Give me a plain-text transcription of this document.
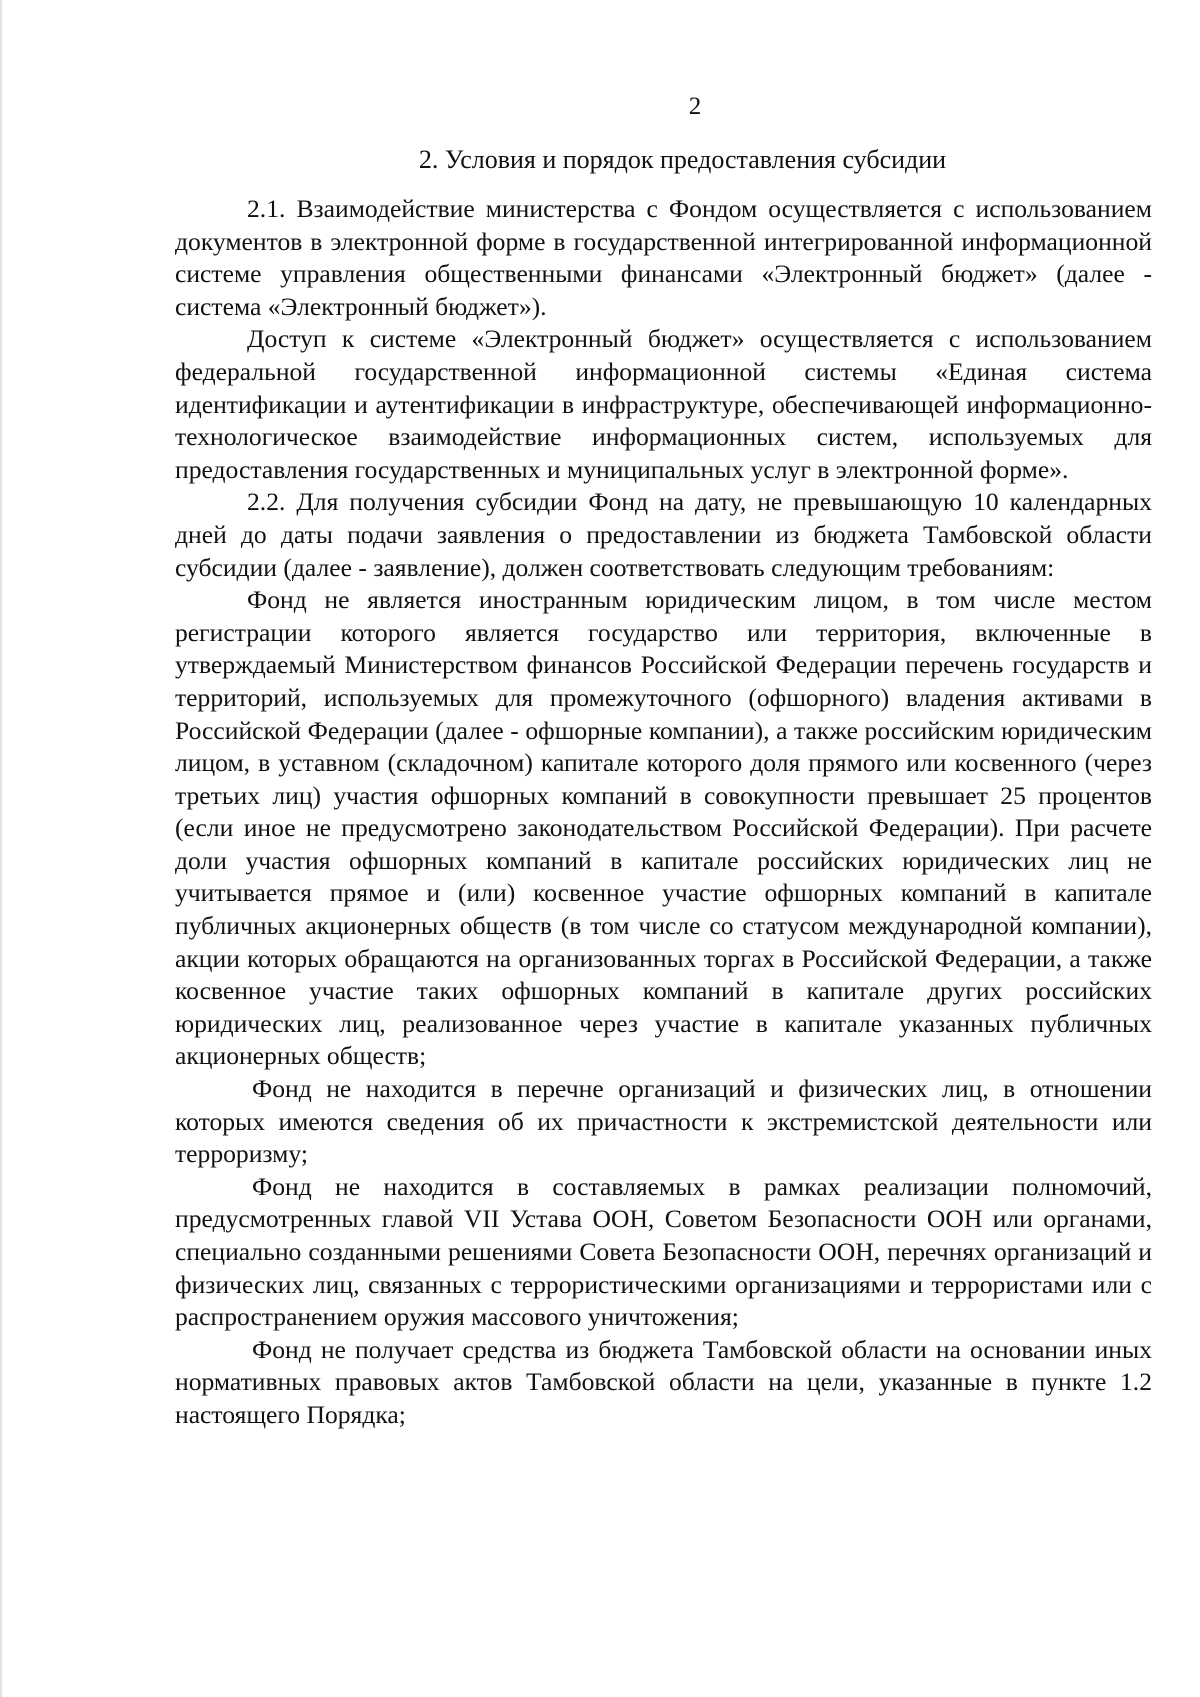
2
2. Условия и порядок предоставления субсидии

2.1. Взаимодействие министерства с Фондом осуществляется с использованием документов в электронной форме в государственной интегрированной информационной системе управления общественными финансами «Электронный бюджет» (далее - система «Электронный бюджет»).

Доступ к системе «Электронный бюджет» осуществляется с использованием федеральной государственной информационной системы «Единая система идентификации и аутентификации в инфраструктуре, обеспечивающей информационно-технологическое взаимодействие информационных систем, используемых для предоставления государственных и муниципальных услуг в электронной форме».

2.2. Для получения субсидии Фонд на дату, не превышающую 10 календарных дней до даты подачи заявления о предоставлении из бюджета Тамбовской области субсидии (далее - заявление), должен соответствовать следующим требованиям:

Фонд не является иностранным юридическим лицом, в том числе местом регистрации которого является государство или территория, включенные в утверждаемый Министерством финансов Российской Федерации перечень государств и территорий, используемых для промежуточного (офшорного) владения активами в Российской Федерации (далее - офшорные компании), а также российским юридическим лицом, в уставном (складочном) капитале которого доля прямого или косвенного (через третьих лиц) участия офшорных компаний в совокупности превышает 25 процентов (если иное не предусмотрено законодательством Российской Федерации). При расчете доли участия офшорных компаний в капитале российских юридических лиц не учитывается прямое и (или) косвенное участие офшорных компаний в капитале публичных акционерных обществ (в том числе со статусом международной компании), акции которых обращаются на организованных торгах в Российской Федерации, а также косвенное участие таких офшорных компаний в капитале других российских юридических лиц, реализованное через участие в капитале указанных публичных акционерных обществ;

Фонд не находится в перечне организаций и физических лиц, в отношении которых имеются сведения об их причастности к экстремистской деятельности или терроризму;

Фонд не находится в составляемых в рамках реализации полномочий, предусмотренных главой VII Устава ООН, Советом Безопасности ООН или органами, специально созданными решениями Совета Безопасности ООН, перечнях организаций и физических лиц, связанных с террористическими организациями и террористами или с распространением оружия массового уничтожения;

Фонд не получает средства из бюджета Тамбовской области на основании иных нормативных правовых актов Тамбовской области на цели, указанные в пункте 1.2 настоящего Порядка;
